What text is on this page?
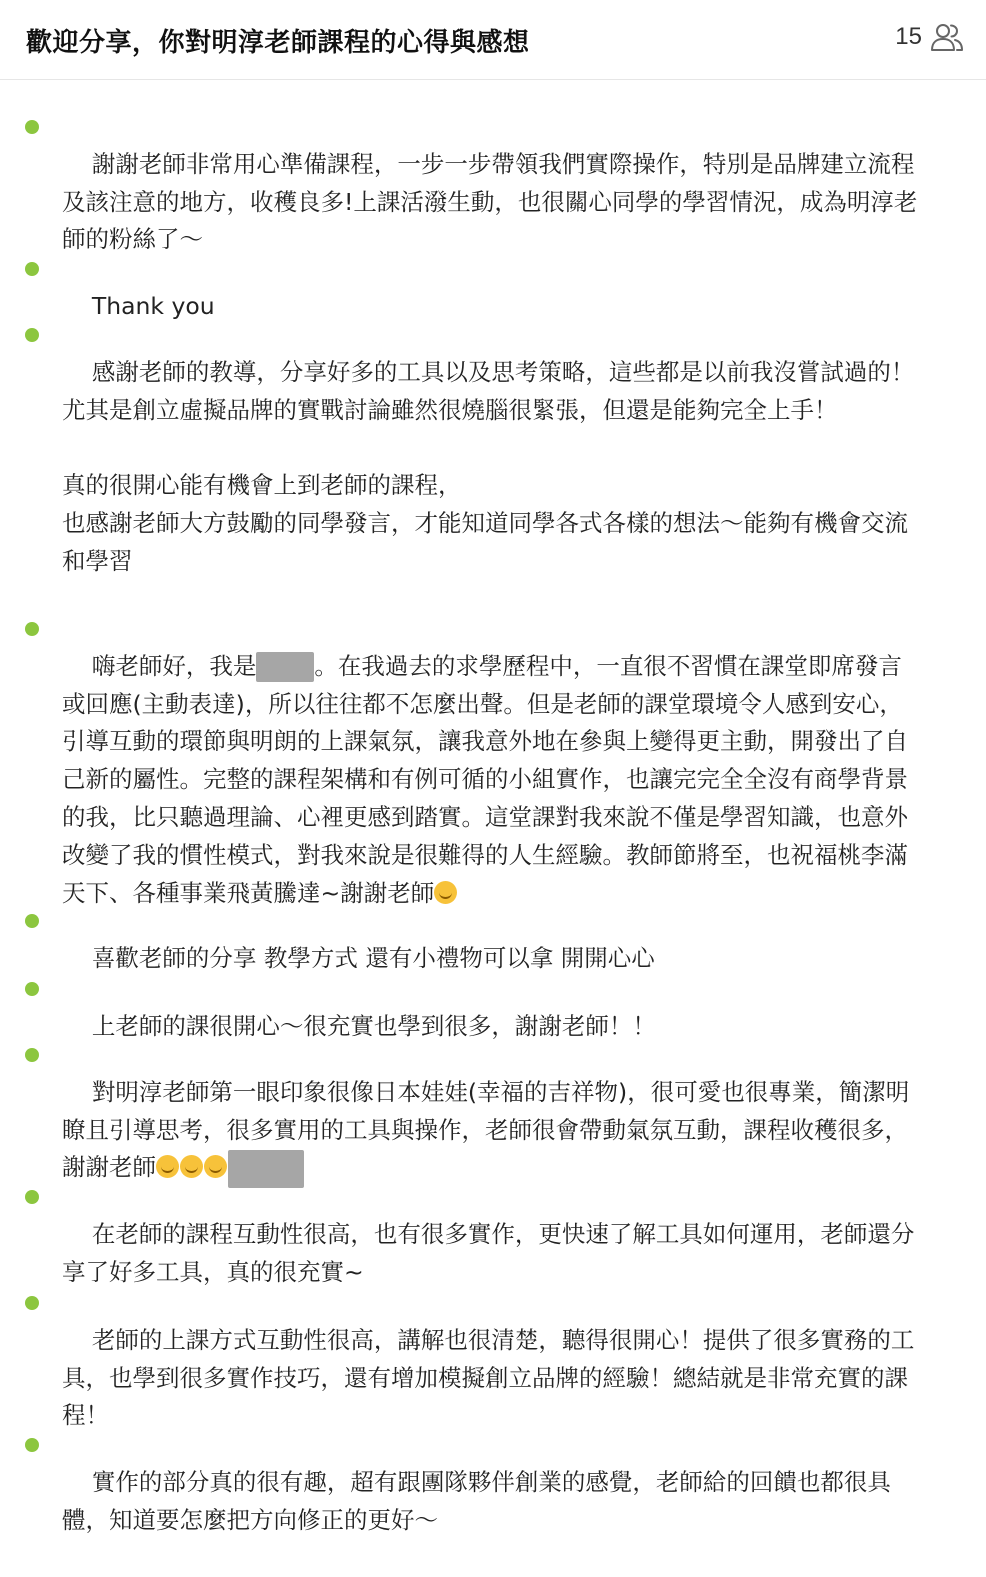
歡迎分享，你對明淳老師課程的心得與感想	15

謝謝老師非常用心準備課程，一步一步帶領我們實際操作，特別是品牌建立流程及該注意的地方，收穫良多!上課活潑生動，也很關心同學的學習情況，成為明淳老師的粉絲了～

Thank you

感謝老師的教導，分享好多的工具以及思考策略，這些都是以前我沒嘗試過的！尤其是創立虛擬品牌的實戰討論雖然很燒腦很緊張，但還是能夠完全上手！

真的很開心能有機會上到老師的課程，
也感謝老師大方鼓勵的同學發言，才能知道同學各式各樣的想法～能夠有機會交流和學習

嗨老師好，我是 。在我過去的求學歷程中，一直很不習慣在課堂即席發言或回應(主動表達)，所以往往都不怎麼出聲。但是老師的課堂環境令人感到安心，引導互動的環節與明朗的上課氣氛，讓我意外地在參與上變得更主動，開發出了自己新的屬性。完整的課程架構和有例可循的小組實作，也讓完完全全沒有商學背景的我，比只聽過理論、心裡更感到踏實。這堂課對我來說不僅是學習知識，也意外改變了我的慣性模式，對我來說是很難得的人生經驗。教師節將至，也祝福桃李滿天下、各種事業飛黃騰達~謝謝老師

喜歡老師的分享 教學方式 還有小禮物可以拿 開開心心

上老師的課很開心～很充實也學到很多，謝謝老師！！

對明淳老師第一眼印象很像日本娃娃(幸福的吉祥物)，很可愛也很專業，簡潔明瞭且引導思考，很多實用的工具與操作，老師很會帶動氣氛互動，課程收穫很多，謝謝老師

在老師的課程互動性很高，也有很多實作，更快速了解工具如何運用，老師還分享了好多工具，真的很充實~

老師的上課方式互動性很高，講解也很清楚，聽得很開心！提供了很多實務的工具，也學到很多實作技巧，還有增加模擬創立品牌的經驗！總結就是非常充實的課程！

實作的部分真的很有趣，超有跟團隊夥伴創業的感覺，老師給的回饋也都很具體，知道要怎麼把方向修正的更好～
